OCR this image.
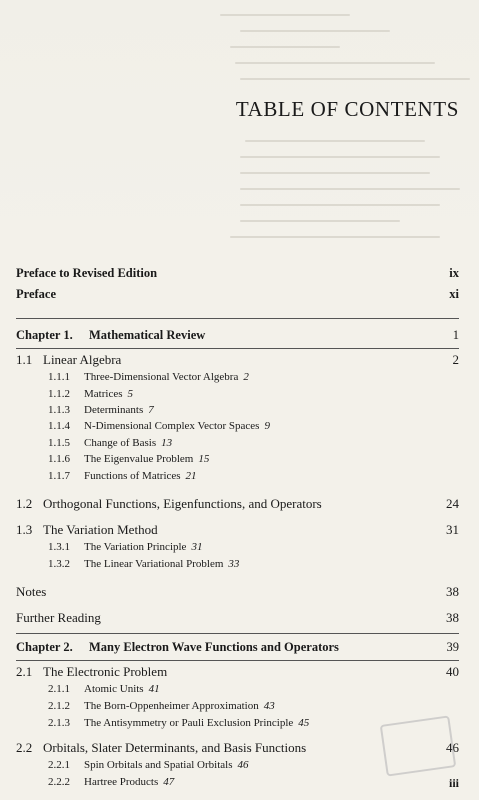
TABLE OF CONTENTS
Preface to Revised Edition	ix
Preface	xi
Chapter 1.	Mathematical Review	1
1.1 Linear Algebra	2
1.1.1 Three-Dimensional Vector Algebra 2
1.1.2 Matrices 5
1.1.3 Determinants 7
1.1.4 N-Dimensional Complex Vector Spaces 9
1.1.5 Change of Basis 13
1.1.6 The Eigenvalue Problem 15
1.1.7 Functions of Matrices 21
1.2 Orthogonal Functions, Eigenfunctions, and Operators	24
1.3 The Variation Method	31
1.3.1 The Variation Principle 31
1.3.2 The Linear Variational Problem 33
Notes	38
Further Reading	38
Chapter 2.	Many Electron Wave Functions and Operators	39
2.1 The Electronic Problem	40
2.1.1 Atomic Units 41
2.1.2 The Born-Oppenheimer Approximation 43
2.1.3 The Antisymmetry or Pauli Exclusion Principle 45
2.2 Orbitals, Slater Determinants, and Basis Functions	46
2.2.1 Spin Orbitals and Spatial Orbitals 46
2.2.2 Hartree Products 47	iii
